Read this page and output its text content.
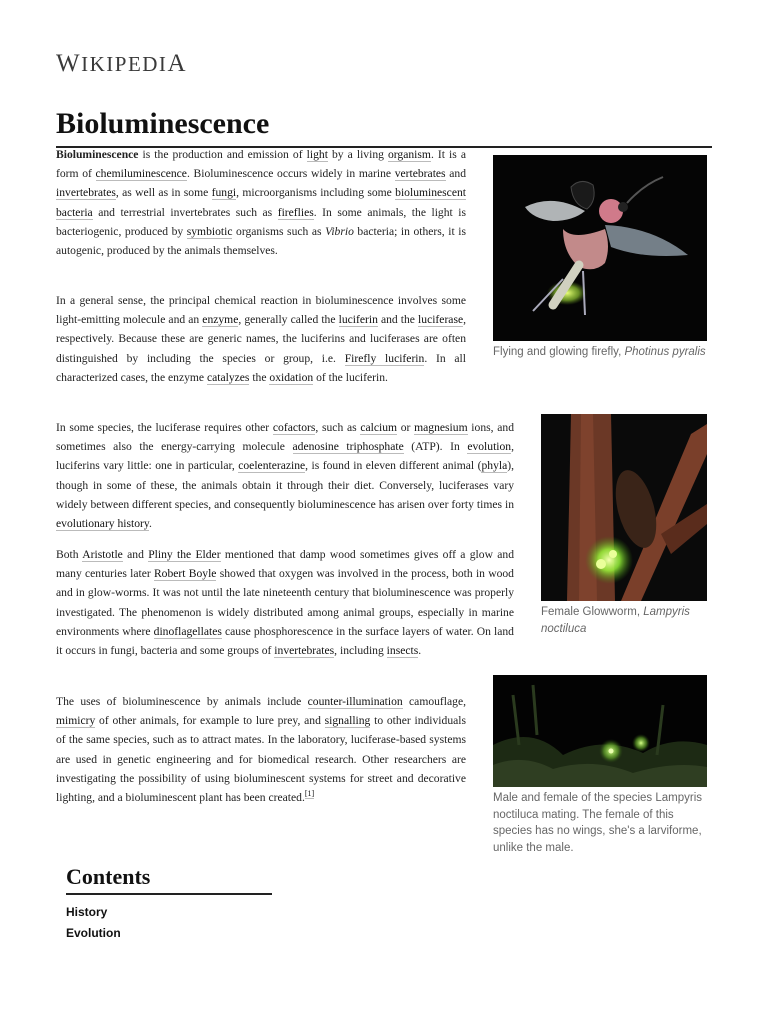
WIKIPEDIA
Bioluminescence

Bioluminescence is the production and emission of light by a living organism. It is a form of chemiluminescence. Bioluminescence occurs widely in marine vertebrates and invertebrates, as well as in some fungi, microorganisms including some bioluminescent bacteria and terrestrial invertebrates such as fireflies. In some animals, the light is bacteriogenic, produced by symbiotic organisms such as Vibrio bacteria; in others, it is autogenic, produced by the animals themselves.

In a general sense, the principal chemical reaction in bioluminescence involves some light-emitting molecule and an enzyme, generally called the luciferin and the luciferase, respectively. Because these are generic names, the luciferins and luciferases are often distinguished by including the species or group, i.e. Firefly luciferin. In all characterized cases, the enzyme catalyzes the oxidation of the luciferin.

In some species, the luciferase requires other cofactors, such as calcium or magnesium ions, and sometimes also the energy-carrying molecule adenosine triphosphate (ATP). In evolution, luciferins vary little: one in particular, coelenterazine, is found in eleven different animal (phyla), though in some of these, the animals obtain it through their diet. Conversely, luciferases vary widely between different species, and consequently bioluminescence has arisen over forty times in evolutionary history.

Both Aristotle and Pliny the Elder mentioned that damp wood sometimes gives off a glow and many centuries later Robert Boyle showed that oxygen was involved in the process, both in wood and in glow-worms. It was not until the late nineteenth century that bioluminescence was properly investigated. The phenomenon is widely distributed among animal groups, especially in marine environments where dinoflagellates cause phosphorescence in the surface layers of water. On land it occurs in fungi, bacteria and some groups of invertebrates, including insects.

The uses of bioluminescence by animals include counter-illumination camouflage, mimicry of other animals, for example to lure prey, and signalling to other individuals of the same species, such as to attract mates. In the laboratory, luciferase-based systems are used in genetic engineering and for biomedical research. Other researchers are investigating the possibility of using bioluminescent systems for street and decorative lighting, and a bioluminescent plant has been created.[1]

Flying and glowing firefly, Photinus pyralis
Female Glowworm, Lampyris noctiluca
Male and female of the species Lampyris noctiluca mating. The female of this species has no wings, she's a larviforme, unlike the male.
Contents
History
Evolution
